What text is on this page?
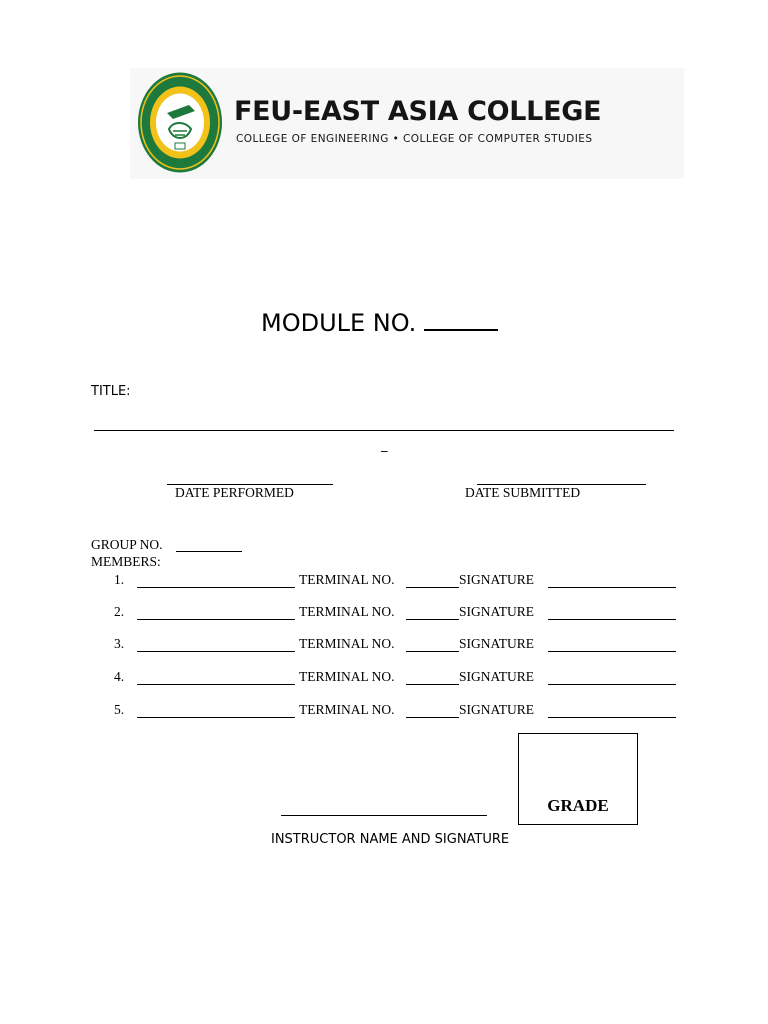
FEU-EAST ASIA COLLEGE
COLLEGE OF ENGINEERING • COLLEGE OF COMPUTER STUDIES
MODULE NO.
TITLE:
_
DATE PERFORMED	DATE SUBMITTED
GROUP NO.
MEMBERS:
1.	TERMINAL NO.	SIGNATURE
2.	TERMINAL NO.	SIGNATURE
3.	TERMINAL NO.	SIGNATURE
4.	TERMINAL NO.	SIGNATURE
5.	TERMINAL NO.	SIGNATURE
GRADE
INSTRUCTOR NAME AND SIGNATURE
